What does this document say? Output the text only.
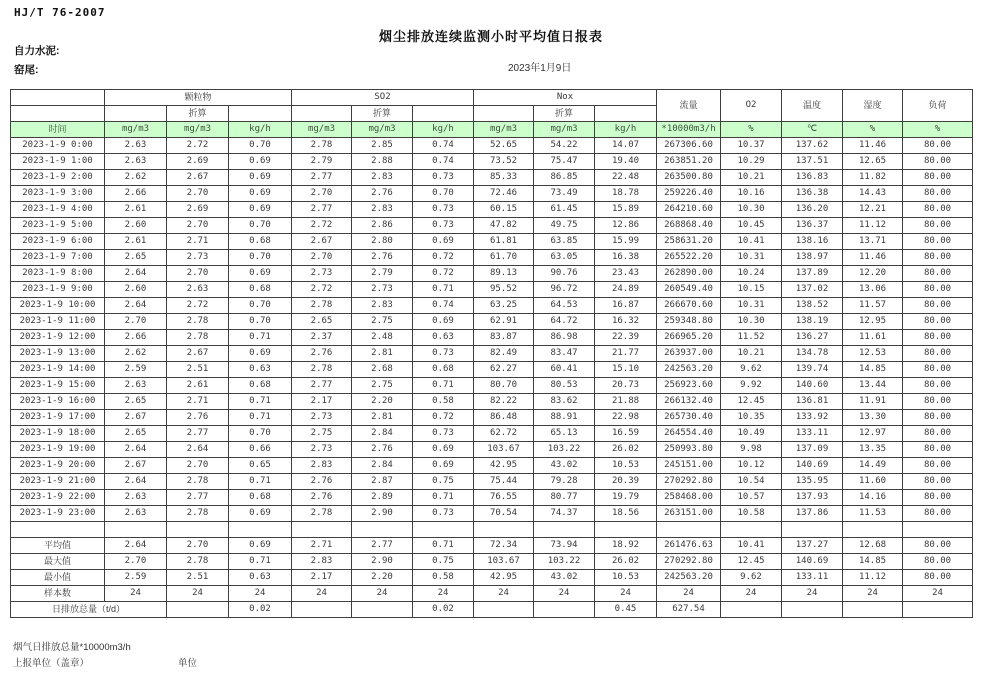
HJ/T 76-2007
烟尘排放连续监测小时平均值日报表
自力水泥:
窑尾:	2023年1月9日
	颗粒物			SO2			Nox			流量	O2	温度	湿度	负荷
		折算			折算			折算						
时间	mg/m3	mg/m3	kg/h	mg/m3	mg/m3	kg/h	mg/m3	mg/m3	kg/h	*10000m3/h	%	℃	%	%
2023-1-9 0:00	2.63	2.72	0.70	2.78	2.85	0.74	52.65	54.22	14.07	267306.60	10.37	137.62	11.46	80.00
2023-1-9 1:00	2.63	2.69	0.69	2.79	2.88	0.74	73.52	75.47	19.40	263851.20	10.29	137.51	12.65	80.00
2023-1-9 2:00	2.62	2.67	0.69	2.77	2.83	0.73	85.33	86.85	22.48	263500.80	10.21	136.83	11.82	80.00
2023-1-9 3:00	2.66	2.70	0.69	2.70	2.76	0.70	72.46	73.49	18.78	259226.40	10.16	136.38	14.43	80.00
2023-1-9 4:00	2.61	2.69	0.69	2.77	2.83	0.73	60.15	61.45	15.89	264210.60	10.30	136.20	12.21	80.00
2023-1-9 5:00	2.60	2.70	0.70	2.72	2.86	0.73	47.82	49.75	12.86	268868.40	10.45	136.37	11.12	80.00
2023-1-9 6:00	2.61	2.71	0.68	2.67	2.80	0.69	61.81	63.85	15.99	258631.20	10.41	138.16	13.71	80.00
2023-1-9 7:00	2.65	2.73	0.70	2.70	2.76	0.72	61.70	63.05	16.38	265522.20	10.31	138.97	11.46	80.00
2023-1-9 8:00	2.64	2.70	0.69	2.73	2.79	0.72	89.13	90.76	23.43	262890.00	10.24	137.89	12.20	80.00
2023-1-9 9:00	2.60	2.63	0.68	2.72	2.73	0.71	95.52	96.72	24.89	260549.40	10.15	137.02	13.06	80.00
2023-1-9 10:00	2.64	2.72	0.70	2.78	2.83	0.74	63.25	64.53	16.87	266670.60	10.31	138.52	11.57	80.00
2023-1-9 11:00	2.70	2.78	0.70	2.65	2.75	0.69	62.91	64.72	16.32	259348.80	10.30	138.19	12.95	80.00
2023-1-9 12:00	2.66	2.78	0.71	2.37	2.48	0.63	83.87	86.98	22.39	266965.20	11.52	136.27	11.61	80.00
2023-1-9 13:00	2.62	2.67	0.69	2.76	2.81	0.73	82.49	83.47	21.77	263937.00	10.21	134.78	12.53	80.00
2023-1-9 14:00	2.59	2.51	0.63	2.78	2.68	0.68	62.27	60.41	15.10	242563.20	9.62	139.74	14.85	80.00
2023-1-9 15:00	2.63	2.61	0.68	2.77	2.75	0.71	80.70	80.53	20.73	256923.60	9.92	140.60	13.44	80.00
2023-1-9 16:00	2.65	2.71	0.71	2.17	2.20	0.58	82.22	83.62	21.88	266132.40	12.45	136.81	11.91	80.00
2023-1-9 17:00	2.67	2.76	0.71	2.73	2.81	0.72	86.48	88.91	22.98	265730.40	10.35	133.92	13.30	80.00
2023-1-9 18:00	2.65	2.77	0.70	2.75	2.84	0.73	62.72	65.13	16.59	264554.40	10.49	133.11	12.97	80.00
2023-1-9 19:00	2.64	2.64	0.66	2.73	2.76	0.69	103.67	103.22	26.02	250993.80	9.98	137.09	13.35	80.00
2023-1-9 20:00	2.67	2.70	0.65	2.83	2.84	0.69	42.95	43.02	10.53	245151.00	10.12	140.69	14.49	80.00
2023-1-9 21:00	2.64	2.78	0.71	2.76	2.87	0.75	75.44	79.28	20.39	270292.80	10.54	135.95	11.60	80.00
2023-1-9 22:00	2.63	2.77	0.68	2.76	2.89	0.71	76.55	80.77	19.79	258468.00	10.57	137.93	14.16	80.00
2023-1-9 23:00	2.63	2.78	0.69	2.78	2.90	0.73	70.54	74.37	18.56	263151.00	10.58	137.86	11.53	80.00

平均值	2.64	2.70	0.69	2.71	2.77	0.71	72.34	73.94	18.92	261476.63	10.41	137.27	12.68	80.00
最大值	2.70	2.78	0.71	2.83	2.90	0.75	103.67	103.22	26.02	270292.80	12.45	140.69	14.85	80.00
最小值	2.59	2.51	0.63	2.17	2.20	0.58	42.95	43.02	10.53	242563.20	9.62	133.11	11.12	80.00
样本数	24	24	24	24	24	24	24	24	24	24	24	24	24	24
日排放总量（t/d）			0.02			0.02			0.45	627.54				
烟气日排放总量*10000m3/h
上报单位（盖章）	单位
